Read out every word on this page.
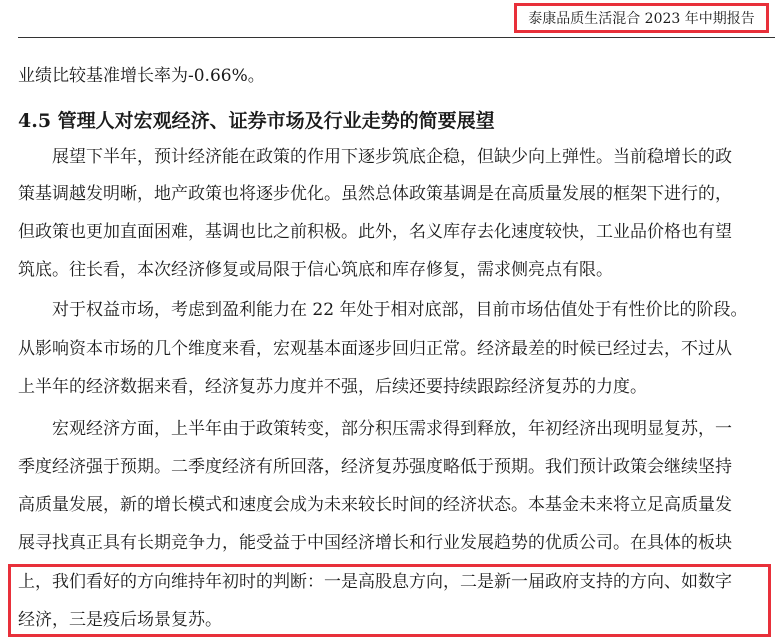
泰康品质生活混合 2023 年中期报告
业绩比较基准增长率为-0.66%。
4.5 管理人对宏观经济、证券市场及行业走势的简要展望
展望下半年，预计经济能在政策的作用下逐步筑底企稳，但缺少向上弹性。当前稳增长的政
策基调越发明晰，地产政策也将逐步优化。虽然总体政策基调是在高质量发展的框架下进行的，
但政策也更加直面困难，基调也比之前积极。此外，名义库存去化速度较快，工业品价格也有望
筑底。往长看，本次经济修复或局限于信心筑底和库存修复，需求侧亮点有限。
对于权益市场，考虑到盈利能力在 22 年处于相对底部，目前市场估值处于有性价比的阶段。
从影响资本市场的几个维度来看，宏观基本面逐步回归正常。经济最差的时候已经过去，不过从
上半年的经济数据来看，经济复苏力度并不强，后续还要持续跟踪经济复苏的力度。
宏观经济方面，上半年由于政策转变，部分积压需求得到释放，年初经济出现明显复苏，一
季度经济强于预期。二季度经济有所回落，经济复苏强度略低于预期。我们预计政策会继续坚持
高质量发展，新的增长模式和速度会成为未来较长时间的经济状态。本基金未来将立足高质量发
展寻找真正具有长期竞争力，能受益于中国经济增长和行业发展趋势的优质公司。在具体的板块
上，我们看好的方向维持年初时的判断：一是高股息方向，二是新一届政府支持的方向、如数字
经济，三是疫后场景复苏。
